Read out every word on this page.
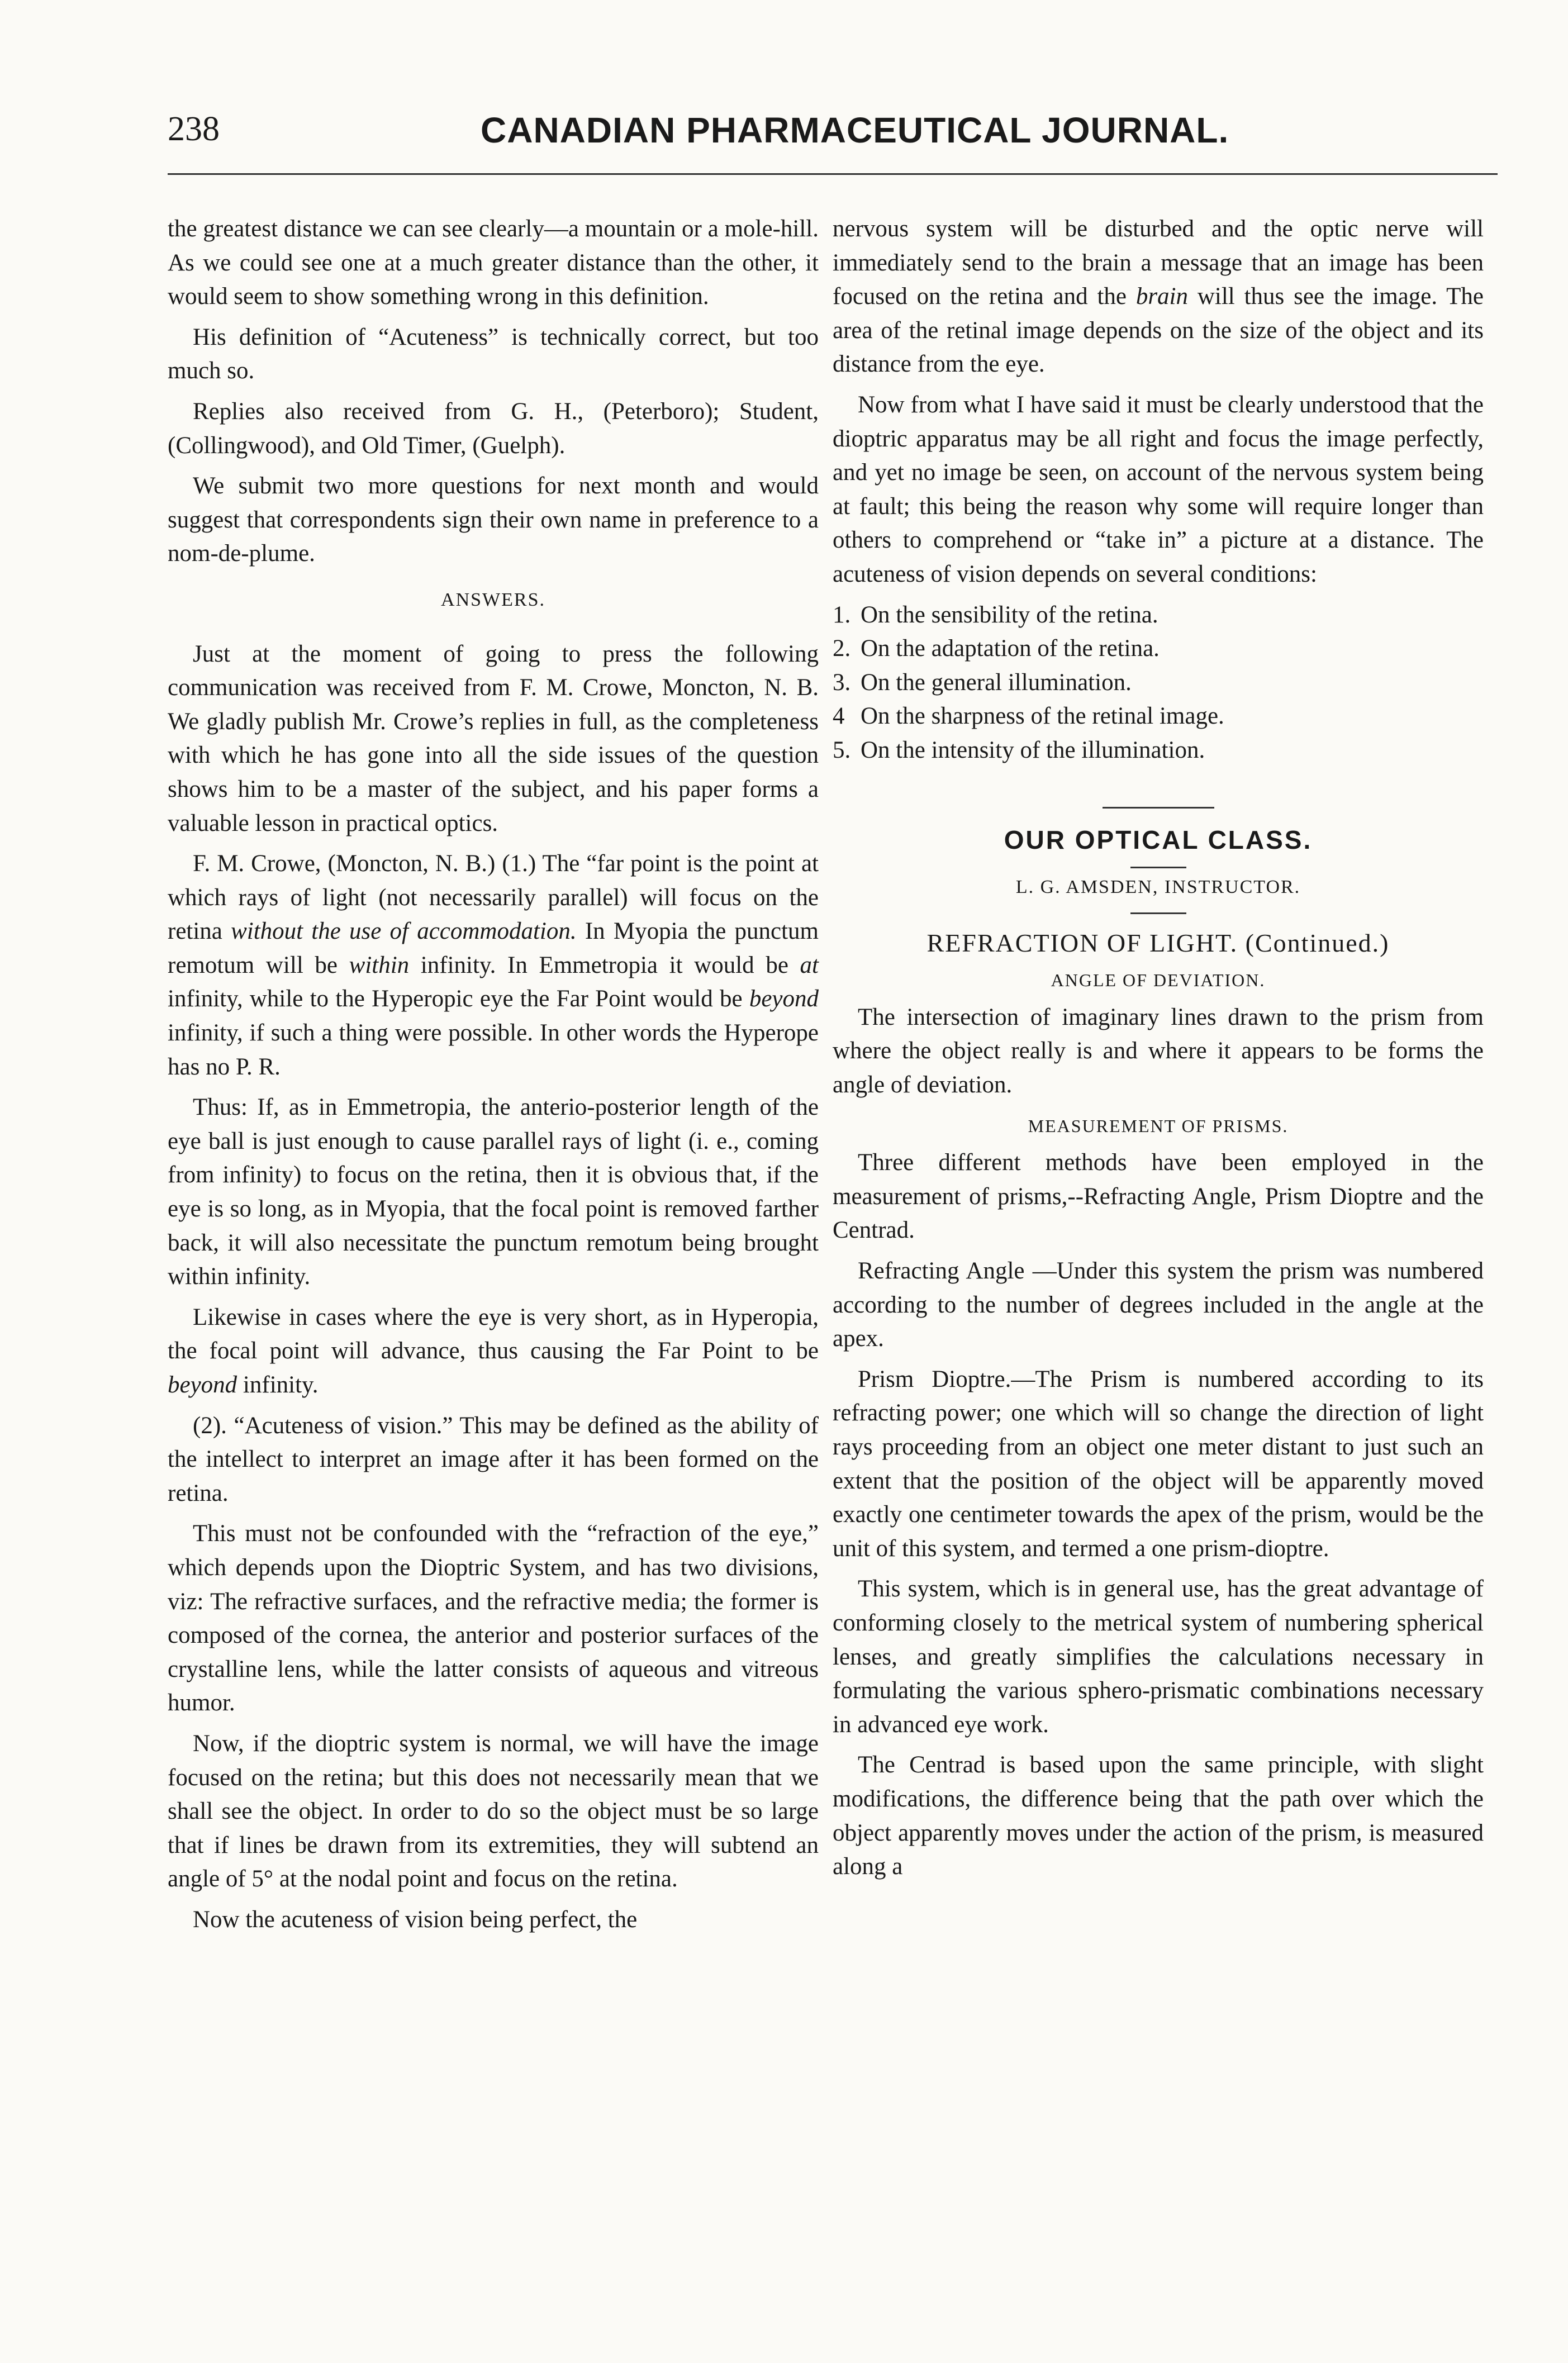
238	CANADIAN PHARMACEUTICAL JOURNAL.

the greatest distance we can see clearly—a mountain or a mole-hill. As we could see one at a much greater distance than the other, it would seem to show something wrong in this definition.

His definition of “Acuteness” is technically correct, but too much so.

Replies also received from G. H., (Peterboro); Student, (Collingwood), and Old Timer, (Guelph).

We submit two more questions for next month and would suggest that correspondents sign their own name in preference to a nom-de-plume.

ANSWERS.

Just at the moment of going to press the following communication was received from F. M. Crowe, Moncton, N. B. We gladly publish Mr. Crowe’s replies in full, as the completeness with which he has gone into all the side issues of the question shows him to be a master of the subject, and his paper forms a valuable lesson in practical optics.

F. M. Crowe, (Moncton, N. B.) (1.) The “far point is the point at which rays of light (not necessarily parallel) will focus on the retina without the use of accommodation. In Myopia the punctum remotum will be within infinity. In Emmetropia it would be at infinity, while to the Hyperopic eye the Far Point would be beyond infinity, if such a thing were possible. In other words the Hyperope has no P. R.

Thus: If, as in Emmetropia, the anterio-posterior length of the eye ball is just enough to cause parallel rays of light (i. e., coming from infinity) to focus on the retina, then it is obvious that, if the eye is so long, as in Myopia, that the focal point is removed farther back, it will also necessitate the punctum remotum being brought within infinity.

Likewise in cases where the eye is very short, as in Hyperopia, the focal point will advance, thus causing the Far Point to be beyond infinity.

(2). “Acuteness of vision.” This may be defined as the ability of the intellect to interpret an image after it has been formed on the retina.

This must not be confounded with the “refraction of the eye,” which depends upon the Dioptric System, and has two divisions, viz: The refractive surfaces, and the refractive media; the former is composed of the cornea, the anterior and posterior surfaces of the crystalline lens, while the latter consists of aqueous and vitreous humor.

Now, if the dioptric system is normal, we will have the image focused on the retina; but this does not necessarily mean that we shall see the object. In order to do so the object must be so large that if lines be drawn from its extremities, they will subtend an angle of 5° at the nodal point and focus on the retina.

Now the acuteness of vision being perfect, the

nervous system will be disturbed and the optic nerve will immediately send to the brain a message that an image has been focused on the retina and the brain will thus see the image. The area of the retinal image depends on the size of the object and its distance from the eye.

Now from what I have said it must be clearly understood that the dioptric apparatus may be all right and focus the image perfectly, and yet no image be seen, on account of the nervous system being at fault; this being the reason why some will require longer than others to comprehend or “take in” a picture at a distance. The acuteness of vision depends on several conditions:

1. On the sensibility of the retina.
2. On the adaptation of the retina.
3. On the general illumination.
4 On the sharpness of the retinal image.
5. On the intensity of the illumination.
OUR OPTICAL CLASS.
L. G. AMSDEN, INSTRUCTOR.
REFRACTION OF LIGHT. (Continued.)
ANGLE OF DEVIATION.

The intersection of imaginary lines drawn to the prism from where the object really is and where it appears to be forms the angle of deviation.

MEASUREMENT OF PRISMS.

Three different methods have been employed in the measurement of prisms,--Refracting Angle, Prism Dioptre and the Centrad.

Refracting Angle —Under this system the prism was numbered according to the number of degrees included in the angle at the apex.

Prism Dioptre.—The Prism is numbered according to its refracting power; one which will so change the direction of light rays proceeding from an object one meter distant to just such an extent that the position of the object will be apparently moved exactly one centimeter towards the apex of the prism, would be the unit of this system, and termed a one prism-dioptre.

This system, which is in general use, has the great advantage of conforming closely to the metrical system of numbering spherical lenses, and greatly simplifies the calculations necessary in formulating the various sphero-prismatic combinations necessary in advanced eye work.

The Centrad is based upon the same principle, with slight modifications, the difference being that the path over which the object apparently moves under the action of the prism, is measured along a
